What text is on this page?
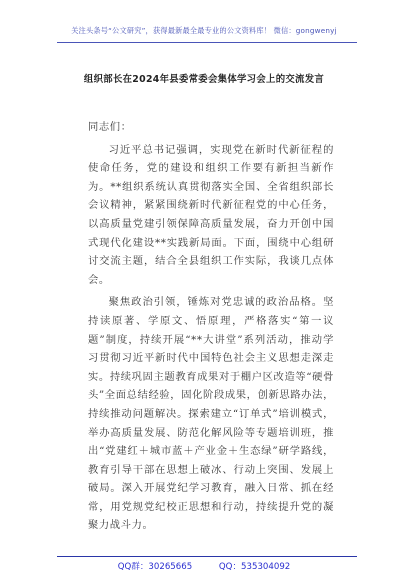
关注头条号“公文研究”，获得最新最全最专业的公文资料库！ 微信：gongwenyj
组织部长在2024年县委常委会集体学习会上的交流发言

同志们：

习近平总书记强调，实现党在新时代新征程的使命任务，党的建设和组织工作要有新担当新作为。**组织系统认真贯彻落实全国、全省组织部长会议精神，紧紧围绕新时代新征程党的中心任务，以高质量党建引领保障高质量发展，奋力开创中国式现代化建设**实践新局面。下面，围绕中心组研讨交流主题，结合全县组织工作实际，我谈几点体会。

聚焦政治引领，锤炼对党忠诚的政治品格。坚持读原著、学原文、悟原理，严格落实“第一议题”制度，持续开展“**大讲堂”系列活动，推动学习贯彻习近平新时代中国特色社会主义思想走深走实。持续巩固主题教育成果对于棚户区改造等“硬骨头”全面总结经验，固化阶段成果，创新思路办法，持续推动问题解决。探索建立“订单式”培训模式，举办高质量发展、防范化解风险等专题培训班，推出“党建红＋城市蓝＋产业金＋生态绿”研学路线，教育引导干部在思想上破冰、行动上突围、发展上破局。深入开展党纪学习教育，融入日常、抓在经常，用党规党纪校正思想和行动，持续提升党的凝聚力战斗力。

QQ群：30265665	QQ：535304092
